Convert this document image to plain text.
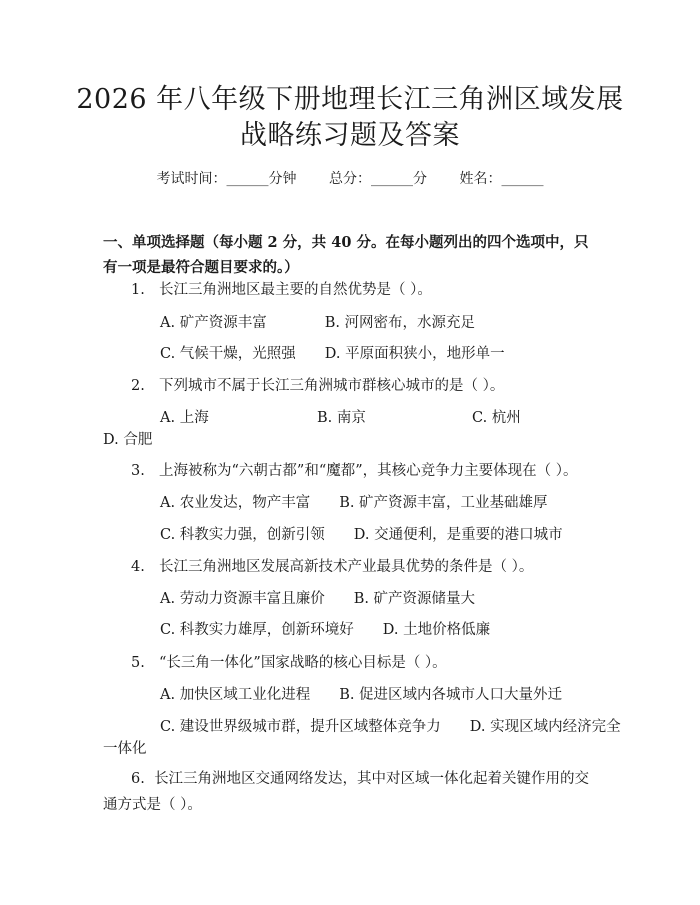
2026 年八年级下册地理长江三角洲区域发展
战略练习题及答案
考试时间：______分钟 总分：______分 姓名：______
一、单项选择题（每小题 2 分，共 40 分。在每小题列出的四个选项中，只有一项是最符合题目要求的。）
1. 长江三角洲地区最主要的自然优势是（ ）。
A. 矿产资源丰富　　　　B. 河网密布，水源充足
C. 气候干燥，光照强　　D. 平原面积狭小，地形单一
2. 下列城市不属于长江三角洲城市群核心城市的是（ ）。
A. 上海	B. 南京	C. 杭州
D. 合肥
3. 上海被称为“六朝古都”和“魔都”，其核心竞争力主要体现在（ ）。
A. 农业发达，物产丰富　　B. 矿产资源丰富，工业基础雄厚
C. 科教实力强，创新引领　　D. 交通便利，是重要的港口城市
4. 长江三角洲地区发展高新技术产业最具优势的条件是（ ）。
A. 劳动力资源丰富且廉价　　B. 矿产资源储量大
C. 科教实力雄厚，创新环境好　　D. 土地价格低廉
5. “长三角一体化”国家战略的核心目标是（ ）。
A. 加快区域工业化进程　　B. 促进区域内各城市人口大量外迁
C. 建设世界级城市群，提升区域整体竞争力　　D. 实现区域内经济完全
一体化
6. 长江三角洲地区交通网络发达，其中对区域一体化起着关键作用的交通方式是（ ）。
